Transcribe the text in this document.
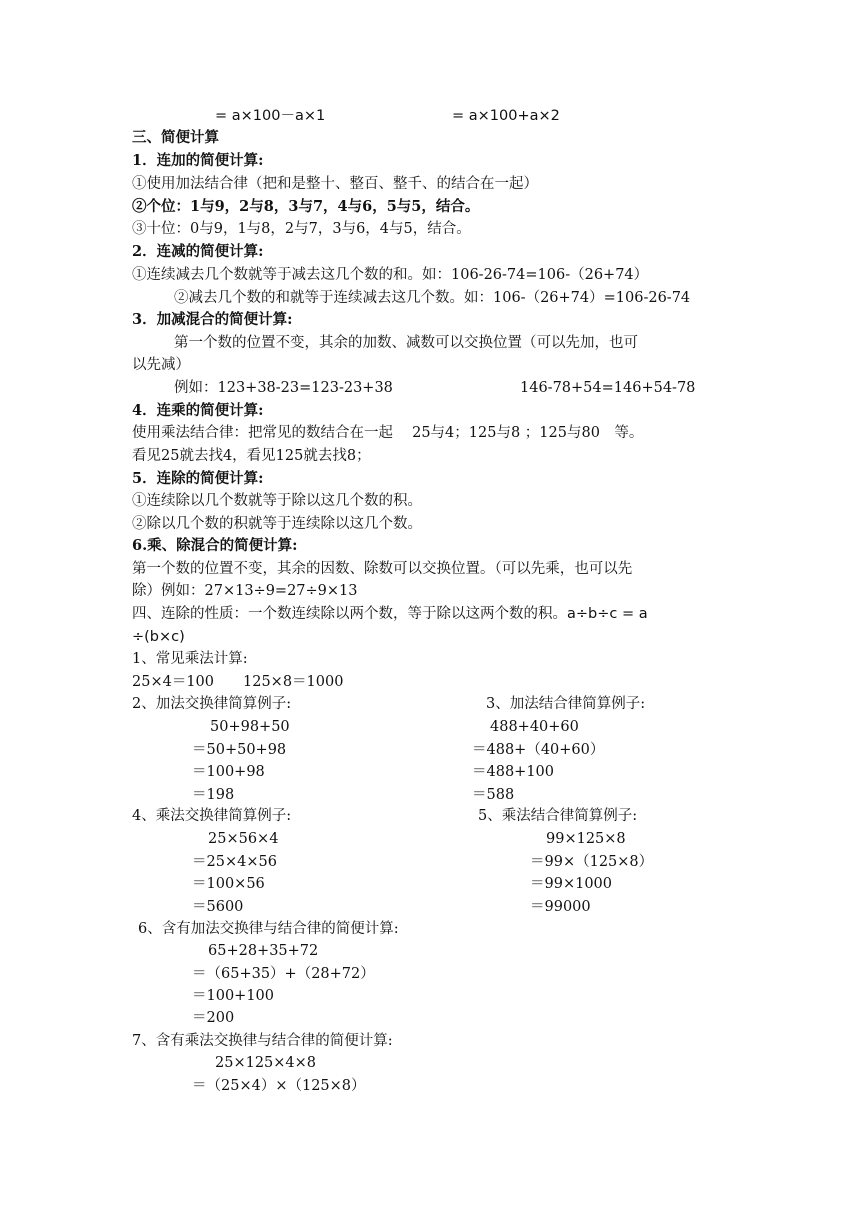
= a×100－a×1	= a×100+a×2
三、简便计算
1．连加的简便计算:
①使用加法结合律（把和是整十、整百、整千、的结合在一起）
②个位：1与9，2与8，3与7，4与6，5与5，结合。
③十位：0与9，1与8，2与7，3与6，4与5，结合。
2．连减的简便计算:
①连续减去几个数就等于减去这几个数的和。如：106-26-74=106-（26+74）
②减去几个数的和就等于连续减去这几个数。如：106-（26+74）=106-26-74
3．加减混合的简便计算:
第一个数的位置不变，其余的加数、减数可以交换位置（可以先加，也可
以先减）
例如：123+38-23=123-23+38	146-78+54=146+54-78
4．连乘的简便计算:
使用乘法结合律：把常见的数结合在一起　 25与4；125与8 ；125与80　等。
看见25就去找4，看见125就去找8；
5．连除的简便计算:
①连续除以几个数就等于除以这几个数的积。
②除以几个数的积就等于连续除以这几个数。
6.乘、除混合的简便计算:
第一个数的位置不变，其余的因数、除数可以交换位置。（可以先乘，也可以先
除）例如：27×13÷9=27÷9×13
四、连除的性质：一个数连续除以两个数，等于除以这两个数的积。a÷b÷c = a
÷(b×c)
1、常见乘法计算:
25×4＝100　　125×8＝1000
2、加法交换律简算例子:	3、加法结合律简算例子:
50+98+50
＝50+50+98
＝100+98
＝198
488+40+60
＝488+（40+60）
＝488+100
＝588
4、乘法交换律简算例子:	5、乘法结合律简算例子:
25×56×4
＝25×4×56
＝100×56
＝5600
99×125×8
＝99×（125×8）
＝99×1000
＝99000
6、含有加法交换律与结合律的简便计算:
65+28+35+72
＝（65+35）+（28+72）
＝100+100
＝200
7、含有乘法交换律与结合律的简便计算:
25×125×4×8
＝（25×4）×（125×8）
